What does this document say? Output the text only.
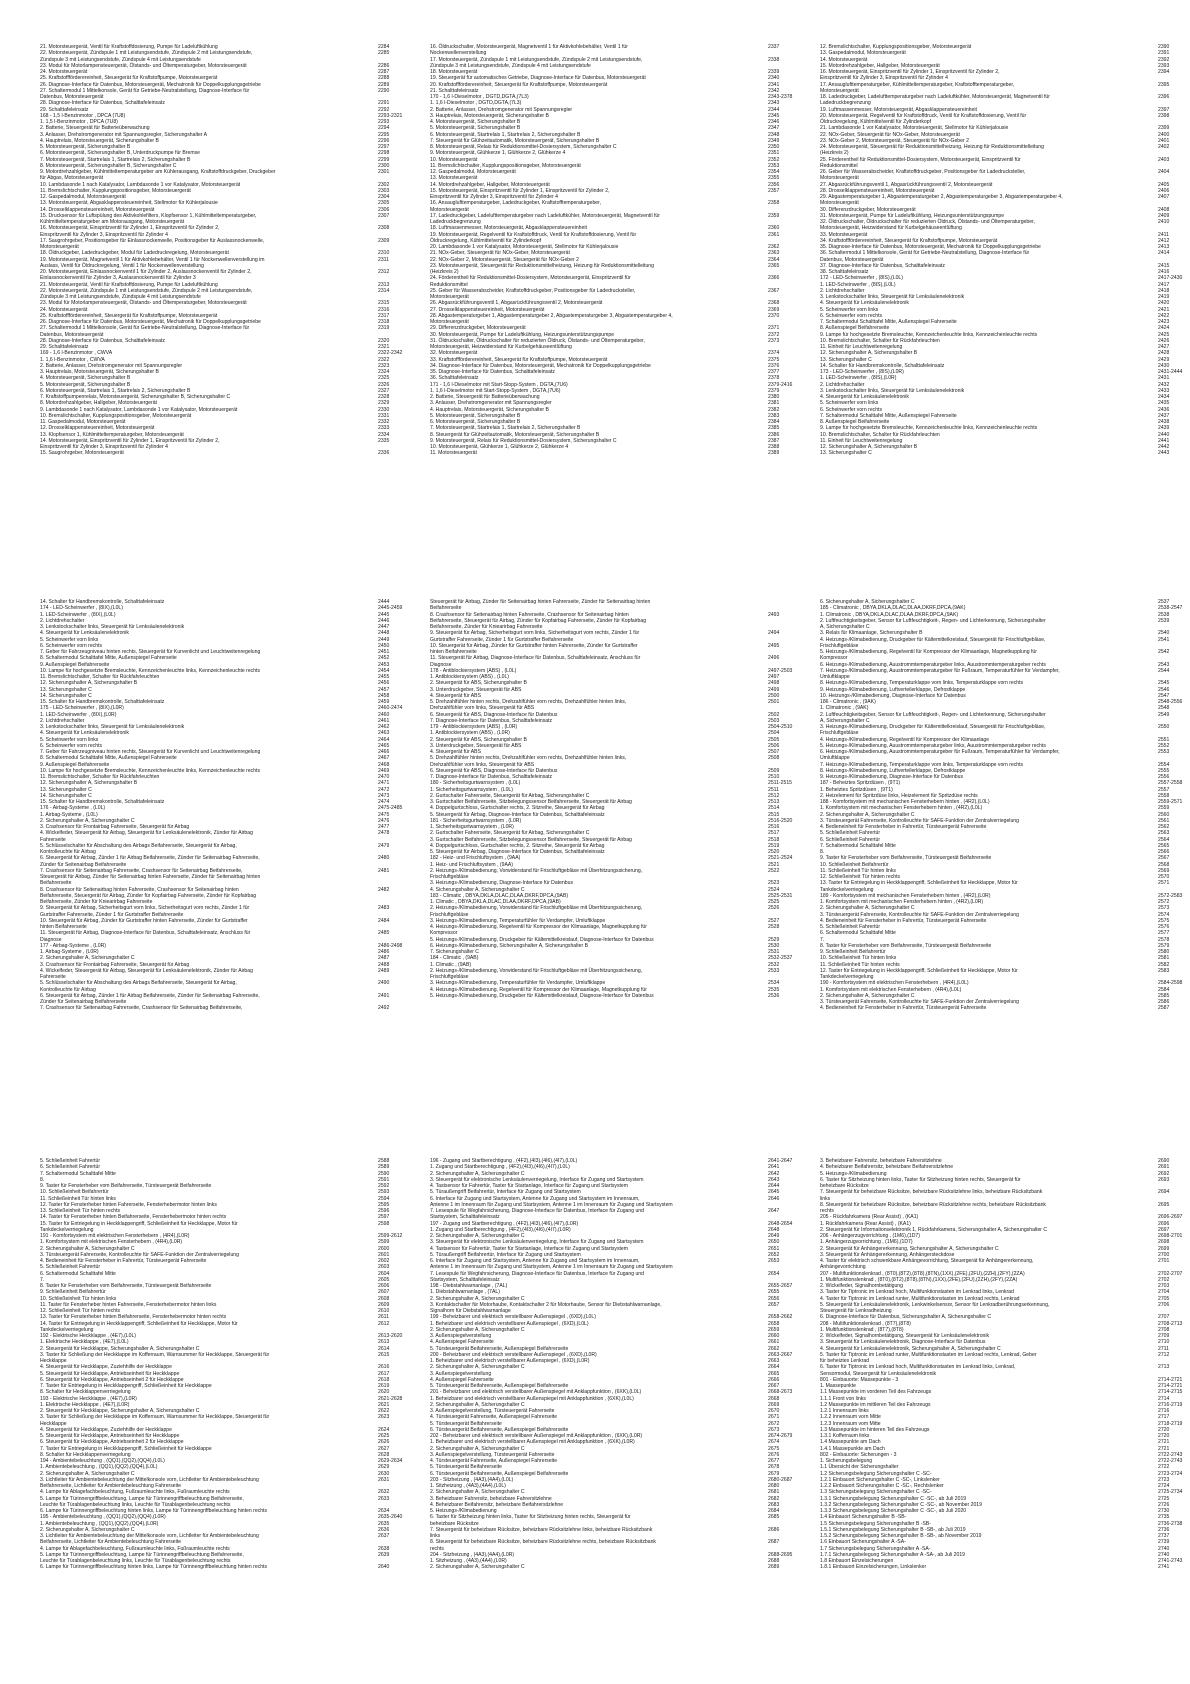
21. Motorsteuergerät, Ventil für Kraftstoffdosierung, Pumpe für Ladeluftkühlung	2284
22. Motorsteuergerät, Zündspule 1 mit Leistungsendstufe, Zündspule 2 mit Leistungsendstufe,	2285
Zündspule 3 mit Leistungsendstufe, Zündspule 4 mit Leistungsendstufe
23. Modul für Motorlampensteuergerät, Ölstands- und Öltemperaturgeber, Motorsteuergerät	2286
24. Motorsteuergerät	2287
25. Kraftstoffförderereinheit, Steuergerät für Kraftstoffpumpe, Motorsteuergerät	2288
26. Diagnose-Interface für Datenbus, Motorsteuergerät, Mechatronik für Doppelkupplungsgetriebe	2289
27. Schaltermodul 1 Mittelkonsole, Gerät für Getriebe-Neutralstellung, Diagnose-Interface für	2290
Datenbus, Motorsteuergerät
28. Diagnose-Interface für Datenbus, Schalttafeleinsatz	2291
29. Schalttafeleinsatz	2292
168 - 1,5 l-Benzinmotor , DPCA (7U8)	2293-2321
1. 1,5 l-Benzinmotor , DPCA (7U8)	2293
2. Batterie, Steuergerät für Batterieüberwachung	2294
3. Anlasser, Drehstromgenerator mit Spannungsregler, Sicherungshalter A	2295
4. Hauptrelais, Motorsteuergerät, Sicherungshalter B	2296
5. Motorsteuergerät, Sicherungshalter B	2297
6. Motorsteuergerät, Sicherungshalter B, Unterdruckpumpe für Bremse	2298
7. Motorsteuergerät, Startrelais 1, Startrelais 2, Sicherungshalter B	2299
8. Motorsteuergerät, Sicherungshalter B, Sicherungshalter C	2300
9. Motordrehzahlgeber, Kühlmitteltemperaturgeber am Kühlerausgang, Kraftstoffdruckgeber, Druckgeber	2301
für Abgas, Motorsteuergerät
10. Lambdasonde 1 nach Katalysator, Lambdasonde 1 vor Katalysator, Motorsteuergerät	2302
11. Bremslichtschalter, Kupplungspositionsgeber, Motorsteuergerät	2303
12. Gaspedalmodul, Motorsteuergerät	2304
13. Motorsteuergerät, Abgasklappensteuereinheit, Stellmotor für Kühlerjalousie	2305
14. Drosselklappensteuereinheit, Motorsteuergerät	2306
15. Drucksensor für Luftspülung des Aktivkohlefilters, Klopfsensor 1, Kühlmitteltemperaturgeber,	2307
Kühlmitteltemperaturgeber am Motorausgang, Motorsteuergerät
16. Motorsteuergerät, Einspritzventil für Zylinder 1, Einspritzventil für Zylinder 2,	2308
Einspritzventil für Zylinder 3, Einspritzventil für Zylinder 4
17. Saugrohrgeber, Positionsgeber für Einlassnockenwelle, Positionsgeber für Auslassnockenwelle,	2309
Motorsteuergerät
18. Öldruckgeber, Ladedruckgeber, Modul für Ladedruckregelung, Motorsteuergerät	2310
19. Motorsteuergerät, Magnetventil 1 für Aktivkohlebehälter, Ventil 1 für Nockenwellenverstellung im	2311
Auslass, Ventil für Öldruckregelung, Ventil 1 für Nockenwellenverstellung
20. Motorsteuergerät, Einlassnockenventil 1 für Zylinder 2, Auslassnockenventil für Zylinder 2,	2312
Einlassnockenventil für Zylinder 3, Auslassnockenventil für Zylinder 3
21. Motorsteuergerät, Ventil für Kraftstoffdosierung, Pumpe für Ladeluftkühlung	2313
22. Motorsteuergerät, Zündspule 1 mit Leistungsendstufe, Zündspule 2 mit Leistungsendstufe,	2314
Zündspule 3 mit Leistungsendstufe, Zündspule 4 mit Leistungsendstufe
23. Modul für Motorlampensteuergerät, Ölstands- und Öltemperaturgeber, Motorsteuergerät	2315
24. Motorsteuergerät	2316
25. Kraftstoffförderereinheit, Steuergerät für Kraftstoffpumpe, Motorsteuergerät	2317
26. Diagnose-Interface für Datenbus, Motorsteuergerät, Mechatronik für Doppelkupplungsgetriebe	2318
27. Schaltermodul 1 Mittelkonsole, Gerät für Getriebe-Neutralstellung, Diagnose-Interface für	2319
Datenbus, Motorsteuergerät
28. Diagnose-Interface für Datenbus, Schalttafeleinsatz	2320
29. Schalttafeleinsatz	2321
169 - 1,6 l-Benzinmotor , CWVA	2322-2342
1. 1,6 l-Benzinmotor , CWVA	2322
2. Batterie, Anlasser, Drehstromgenerator mit Spannungsregler	2323
3. Hauptrelais, Motorsteuergerät, Sicherungshalter B	2324
4. Motorsteuergerät, Sicherungshalter B	2325
5. Motorsteuergerät, Sicherungshalter B	2326
6. Motorsteuergerät, Startrelais 1, Startrelais 2, Sicherungshalter B	2327
7. Kraftstoffpumpenrelais, Motorsteuergerät, Sicherungshalter B, Sicherungshalter C	2328
8. Motordrehzahlgeber, Hallgeber, Motorsteuergerät	2329
9. Lambdasonde 1 nach Katalysator, Lambdasonde 1 vor Katalysator, Motorsteuergerät	2330
10. Bremslichtschalter, Kupplungspositionsgeber, Motorsteuergerät	2331
11. Gaspedalmodul, Motorsteuergerät	2332
12. Drosselklappensteuereinheit, Motorsteuergerät	2333
13. Klopfsensor 1, Kühlmitteltemperaturgeber, Motorsteuergerät	2334
14. Motorsteuergerät, Einspritzventil für Zylinder 1, Einspritzventil für Zylinder 2,	2335
Einspritzventil für Zylinder 3, Einspritzventil für Zylinder 4
15. Saugrohrgeber, Motorsteuergerät	2336
16. Öldruckschalter, Motorsteuergerät, Magnetventil 1 für Aktivkohlebehälter, Ventil 1 für	2337
Nockenwellenverstellung
17. Motorsteuergerät, Zündspule 1 mit Leistungsendstufe, Zündspule 2 mit Leistungsendstufe,	2338
Zündspule 3 mit Leistungsendstufe, Zündspule 4 mit Leistungsendstufe
18. Motorsteuergerät	2339
19. Steuergerät für automatisches Getriebe, Diagnose-Interface für Datenbus, Motorsteuergerät	2340
20. Kraftstoffförderereinheit, Steuergerät für Kraftstoffpumpe, Motorsteuergerät	2341
21. Schalttafeleinsatz	2342
170 - 1,6 l-Dieselmotor , DGTD,DGTA,(7L3)	2343-2378
1. 1,6 l-Dieselmotor , DGTD,DGTA,(7L3)	2343
2. Batterie, Anlasser, Drehstromgenerator mit Spannungsregler	2344
3. Hauptrelais, Motorsteuergerät, Sicherungshalter B	2345
4. Motorsteuergerät, Sicherungshalter B	2346
5. Motorsteuergerät, Sicherungshalter B	2347
6. Motorsteuergerät, Startrelais 1, Startrelais 2, Sicherungshalter B	2348
7. Steuergerät für Glühzeitautomatik, Motorsteuergerät, Sicherungshalter B	2349
8. Motorsteuergerät, Relais für Reduktionsmittel-Dosiersystem, Sicherungshalter C	2350
9. Motorsteuergerät, Glühkerze 1, Glühkerze 2, Glühkerze 4	2351
10. Motorsteuergerät	2352
11. Bremslichtschalter, Kupplungspositionsgeber, Motorsteuergerät	2353
12. Gaspedalmodul, Motorsteuergerät	2354
13. Motorsteuergerät	2355
14. Motordrehzahlgeber, Hallgeber, Motorsteuergerät	2356
15. Motorsteuergerät, Einspritzventil für Zylinder 1, Einspritzventil für Zylinder 2,	2357
Einspritzventil für Zylinder 3, Einspritzventil für Zylinder 4
16. Ansauglufttemperaturgeber, Ladedruckgeber, Kraftstofftemperaturgeber,	2358
Motorsteuergerät
17. Ladedruckgeber, Ladelufttemperaturgeber nach Ladeluftkühler, Motorsteuergerät, Magnetventil für	2359
Ladedruckbegrenzung
18. Luftmassenmesser, Motorsteuergerät, Abgasklappensteuereinheit	2360
19. Motorsteuergerät, Regelventil für Kraftstoffdruck, Ventil für Kraftstoffdosierung, Ventil für	2361
Öldruckregelung, Kühlmittelventil für Zylinderkopf
20. Lambdasonde 1 vor Katalysator, Motorsteuergerät, Stellmotor für Kühlerjalousie	2362
21. NOx-Geber, Steuergerät für NOx-Geber, Motorsteuergerät	2363
22. NOx-Geber 2, Motorsteuergerät, Steuergerät für NOx-Geber 2	2364
23. Motorsteuergerät, Steuergerät für Reduktionsmittelheizung, Heizung für Reduktionsmittelleitung	2365
(Heizkreis 2)
24. Förderentheil für Reduktionsmittel-Dosiersystem, Motorsteuergerät, Einspritzventil für	2366
Reduktionsmittel
25. Geber für Wasserabscheider, Kraftstoffdruckgeber, Positionsgeber für Ladedrucksteller,	2367
Motorsteuergerät
26. Abgasrückführungsventil 1, Abgasrückführungsventil 2, Motorsteuergerät	2368
27. Drosselklappensteuereinheit, Motorsteuergerät	2369
28. Abgastemperaturgeber 1, Abgastemperaturgeber 2, Abgastemperaturgeber 3, Abgastemperaturgeber 4,	2370
Motorsteuergerät
29. Differenzdruckgeber, Motorsteuergerät	2371
30. Motorsteuergerät, Pumpe für Ladeluftkühlung, Heizungsunterstützungspumpe	2372
31. Öldruckschalter, Öldruckschalter für reduzierten Öldruck, Ölstands- und Öltemperaturgeber,	2373
Motorsteuergerät, Heizwiderstand für Kurbelgehäuseentlüftung
32. Motorsteuergerät	2374
33. Kraftstoffförderereinheit, Steuergerät für Kraftstoffpumpe, Motorsteuergerät	2375
34. Diagnose-Interface für Datenbus, Motorsteuergerät, Mechatronik für Doppelkupplungsgetriebe	2376
35. Diagnose-Interface für Datenbus, Schalttafeleinsatz	2377
36. Schalttafeleinsatz	2378
171 - 1,6 l-Dieselmotor mit Start-Stopp-System , DGTA,(7U6)	2379-2416
1. 1,6 l-Dieselmotor mit Start-Stopp-System , DGTA,(7U6)	2379
2. Batterie, Steuergerät für Batterieüberwachung	2380
3. Anlasser, Drehstromgenerator mit Spannungsregler	2381
4. Hauptrelais, Motorsteuergerät, Sicherungshalter B	2382
5. Motorsteuergerät, Sicherungshalter B	2383
6. Motorsteuergerät, Sicherungshalter B	2384
7. Motorsteuergerät, Startrelais 1, Startrelais 2, Sicherungshalter B	2385
8. Steuergerät für Glühzeitautomatik, Motorsteuergerät, Sicherungshalter B	2386
9. Motorsteuergerät, Relais für Reduktionsmittel-Dosiersystem, Sicherungshalter C	2387
10. Motorsteuergerät, Glühkerze 1, Glühkerze 2, Glühkerze 4	2388
11. Motorsteuergerät	2389
12. Bremslichtschalter, Kupplungspositionsgeber, Motorsteuergerät	2390
13. Gaspedalmodul, Motorsteuergerät	2391
14. Motorsteuergerät	2392
15. Motordrehzahlgeber, Hallgeber, Motorsteuergerät	2393
16. Motorsteuergerät, Einspritzventil für Zylinder 1, Einspritzventil für Zylinder 2,	2394
Einspritzventil für Zylinder 3, Einspritzventil für Zylinder 4
17. Ansauglufttemperaturgeber, Kühlmitteltemperaturgeber, Kraftstofftemperaturgeber,	2395
Motorsteuergerät
18. Ladedruckgeber, Ladelufttemperaturgeber nach Ladeluftkühler, Motorsteuergerät, Magnetventil für	2396
Ladedruckbegrenzung
19. Luftmassenmesser, Motorsteuergerät, Abgasklappensteuereinheit	2397
20. Motorsteuergerät, Regelventil für Kraftstoffdruck, Ventil für Kraftstoffdosierung, Ventil für	2398
Öldruckregelung, Kühlmittelventil für Zylinderkopf
21. Lambdasonde 1 vor Katalysator, Motorsteuergerät, Stellmotor für Kühlerjalousie	2399
22. NOx-Geber, Steuergerät für NOx-Geber, Motorsteuergerät	2400
23. NOx-Geber 2, Motorsteuergerät, Steuergerät für NOx-Geber 2	2401
24. Motorsteuergerät, Steuergerät für Reduktionsmittelheizung, Heizung für Reduktionsmittelleitung	2402
(Heizkreis 2)
25. Förderentheil für Reduktionsmittel-Dosiersystem, Motorsteuergerät, Einspritzventil für	2403
Reduktionsmittel
26. Geber für Wasserabscheider, Kraftstoffdruckgeber, Positionsgeber für Ladedrucksteller,	2404
Motorsteuergerät
27. Abgasrückführungsventil 1, Abgasrückführungsventil 2, Motorsteuergerät	2405
28. Drosselklappensteuereinheit, Motorsteuergerät	2406
29. Abgastemperaturgeber 1, Abgastemperaturgeber 2, Abgastemperaturgeber 3, Abgastemperaturgeber 4,	2407
Motorsteuergerät
30. Differenzdruckgeber, Motorsteuergerät	2408
31. Motorsteuergerät, Pumpe für Ladeluftkühlung, Heizungsunterstützungspumpe	2409
32. Öldruckschalter, Öldruckschalter für reduzierten Öldruck, Ölstands- und Öltemperaturgeber,	2410
Motorsteuergerät, Heizwiderstand für Kurbelgehäuseentlüftung
33. Motorsteuergerät	2411
34. Kraftstoffförderereinheit, Steuergerät für Kraftstoffpumpe, Motorsteuergerät	2412
35. Diagnose-Interface für Datenbus, Motorsteuergerät, Mechatronik für Doppelkupplungsgetriebe	2413
36. Schaltermodul 1 Mittelkonsole, Gerät für Getriebe-Neutralstellung, Diagnose-Interface für	2414
Datenbus, Motorsteuergerät
37. Diagnose-Interface für Datenbus, Schalttafeleinsatz	2415
38. Schalttafeleinsatz	2416
172 - LED-Scheinwerfer , (8IS),(L0L)	2417-2430
1. LED-Scheinwerfer , (8IS),(L0L)	2417
2. Lichtdrehschalter	2418
3. Lenkstockschalter links, Steuergerät für Lenksäulenelektronik	2419
4. Steuergerät für Lenksäulenelektronik	2420
5. Scheinwerfer vorn links	2421
6. Scheinwerfer vorn rechts	2422
7. Schaltermodul Schalttafel Mitte, Außenspiegel Fahrerseite	2423
8. Außenspiegel Beifahrerseite	2424
9. Lampe für hochgesetzte Bremsleuchte, Kennzeichenleuchte links, Kennzeichenleuchte rechts	2425
10. Bremslichtschalter, Schalter für Rückfahrleuchten	2426
11. Einheit für Leuchtweitenregelung	2427
12. Sicherungshalter A, Sicherungshalter B	2428
13. Sicherungshalter C	2429
14. Schalter für Handbremskontrolle, Schalttafeleinsatz	2430
173 - LED-Scheinwerfer , (8IS),(L0R)	2431-2444
1. LED-Scheinwerfer , (8IS),(L0R)	2431
2. Lichtdrehschalter	2432
3. Lenkstockschalter links, Steuergerät für Lenksäulenelektronik	2433
4. Steuergerät für Lenksäulenelektronik	2434
5. Scheinwerfer vorn links	2435
6. Scheinwerfer vorn rechts	2436
7. Schaltermodul Schalttafel Mitte, Außenspiegel Fahrerseite	2437
8. Außenspiegel Beifahrerseite	2438
9. Lampe für hochgesetzte Bremsleuchte, Kennzeichenleuchte links, Kennzeichenleuchte rechts	2439
10. Bremslichtschalter, Schalter für Rückfahrleuchten	2440
11. Einheit für Leuchtweitenregelung	2441
12. Sicherungshalter A, Sicherungshalter B	2442
13. Sicherungshalter C	2443
14. Schalter für Handbremskontrolle, Schalttafeleinsatz	2444
174 - LED-Scheinwerfer , (8IX),(L0L)	2445-2459
1. LED-Scheinwerfer , (8IX),(L0L)	2445
2. Lichtdrehschalter	2446
3. Lenkstockschalter links, Steuergerät für Lenksäulenelektronik	2447
4. Steuergerät für Lenksäulenelektronik	2448
5. Scheinwerfer vorn links	2449
6. Scheinwerfer vorn rechts	2450
7. Geber für Fahrzeugniveau hinten rechts, Steuergerät für Kurvenlicht und Leuchtweitenregelung	2451
8. Schaltermodul Schalttafel Mitte, Außenspiegel Fahrerseite	2452
9. Außenspiegel Beifahrerseite	2453
10. Lampe für hochgesetzte Bremsleuchte, Kennzeichenleuchte links, Kennzeichenleuchte rechts	2454
11. Bremslichtschalter, Schalter für Rückfahrleuchten	2455
12. Sicherungshalter A, Sicherungshalter B	2456
13. Sicherungshalter C	2457
14. Sicherungshalter C	2458
15. Schalter für Handbremskontrolle, Schalttafeleinsatz	2459
175 - LED-Scheinwerfer , (8IX),(L0R)	2460-2474
1. LED-Scheinwerfer , (8IX),(L0R)	2460
2. Lichtdrehschalter	2461
3. Lenkstockschalter links, Steuergerät für Lenksäulenelektronik	2462
4. Steuergerät für Lenksäulenelektronik	2463
5. Scheinwerfer vorn links	2464
6. Scheinwerfer vorn rechts	2465
7. Geber für Fahrzeugniveau hinten rechts, Steuergerät für Kurvenlicht und Leuchtweitenregelung	2466
8. Schaltermodul Schalttafel Mitte, Außenspiegel Fahrerseite	2467
9. Außenspiegel Beifahrerseite	2468
10. Lampe für hochgesetzte Bremsleuchte, Kennzeichenleuchte links, Kennzeichenleuchte rechts	2469
11. Bremslichtschalter, Schalter für Rückfahrleuchten	2470
12. Sicherungshalter A, Sicherungshalter B	2471
13. Sicherungshalter C	2472
14. Sicherungshalter C	2473
15. Schalter für Handbremskontrolle, Schalttafeleinsatz	2474
176 - Airbag-Systeme , (L0L)	2475-2485
1. Airbag-Systeme , (L0L)	2475
2. Sicherungshalter A, Sicherungshalter C	2476
3. Crashsensor für Frontairbag Fahrerseite, Steuergerät für Airbag	2477
4. Wickelfeder, Steuergerät für Airbag, Steuergerät für Lenksäulenelektronik, Zünder für Airbag	2478
Fahrerseite
5. Schlüsselschalter für Abschaltung des Airbags Beifahrerseite, Steuergerät für Airbag,	2479
Kontrolleuchte für Airbag
6. Steuergerät für Airbag, Zünder 1 für Airbag Beifahrerseite, Zünder für Seitenairbag Fahrerseite,	2480
Zünder für Seitenairbag Beifahrerseite
7. Crashsensor für Seitenairbag Fahrerseite, Crashsensor für Seitenairbag Beifahrerseite,	2481
Steuergerät für Airbag, Zünder für Seitenairbag hinten Fahrerseite, Zünder für Seitenairbag hinten
Beifahrerseite
8. Crashsensor für Seitenairbag hinten Fahrerseite, Crashsensor für Seitenairbag hinten	2482
Beifahrerseite, Steuergerät für Airbag, Zünder für Kopfairbag Fahrerseite, Zünder für Kopfairbag
Beifahrerseite, Zünder für Kniearirbag Fahrerseite
9. Steuergerät für Airbag, Sicherheitsgurt vorn links, Sicherheitsgurt vorn rechts, Zünder 1 für	2483
Gurtstraffer Fahrerseite, Zünder 1 für Gurtstraffer Beifahrerseite
10. Steuergerät für Airbag, Zünder für Gurtstraffer hinten Fahrerseite, Zünder für Gurtstraffer	2484
hinten Beifahrerseite
11. Steuergerät für Airbag, Diagnose-Interface für Datenbus, Schalttafeleinsatz, Anschluss für	2485
Diagnose
177 - Airbag-Systeme , (L0R)	2486-2498
1. Airbag-Systeme , (L0R)	2486
2. Sicherungshalter A, Sicherungshalter C	2487
3. Crashsensor für Frontairbag Fahrerseite, Steuergerät für Airbag	2488
4. Wickelfeder, Steuergerät für Airbag, Steuergerät für Lenksäulenelektronik, Zünder für Airbag	2489
Fahrerseite
5. Schlüsselschalter für Abschaltung des Airbags Beifahrerseite, Steuergerät für Airbag,	2490
Kontrolleuchte für Airbag
6. Steuergerät für Airbag, Zünder 1 für Airbag Beifahrerseite, Zünder für Seitenairbag Fahrerseite,	2491
Zünder für Seitenairbag Beifahrerseite
7. Crashsensor für Seitenairbag Fahrerseite, Crashsensor für Seitenairbag Beifahrerseite,	2492
Steuergerät für Airbag, Zünder für Seitenairbag hinten Fahrerseite, Zünder für Seitenairbag hinten
Beifahrerseite
8. Crashsensor für Seitenairbag hinten Fahrerseite, Crashsensor für Seitenairbag hinten	2493
Beifahrerseite, Steuergerät für Airbag, Zünder für Kopfairbag Fahrerseite, Zünder für Kopfairbag
Beifahrerseite, Zünder für Kniearirbag Fahrerseite
9. Steuergerät für Airbag, Sicherheitsgurt vorn links, Sicherheitsgurt vorn rechts, Zünder 1 für	2494
Gurtstraffer Fahrerseite, Zünder 1 für Gurtstraffer Beifahrerseite
10. Steuergerät für Airbag, Zünder für Gurtstraffer hinten Fahrerseite, Zünder für Gurtstraffer	2495
hinten Beifahrerseite
11. Steuergerät für Airbag, Diagnose-Interface für Datenbus, Schalttafeleinsatz, Anschluss für	2496
Diagnose
178 - Antiblockiersystem (ABS) , (L0L)	2497-2503
1. Antiblockiersystem (ABS) , (L0L)	2497
2. Steuergerät für ABS, Sicherungshalter B	2498
3. Unterdruckgeber, Steuergerät für ABS	2499
4. Steuergerät für ABS	2500
5. Drehzahlfühler hinten rechts, Drehzahlfühler vorn rechts, Drehzahlfühler hinten links,	2501
Drehzahlfühler vorn links, Steuergerät für ABS
6. Steuergerät für ABS, Diagnose-Interface für Datenbus	2502
7. Diagnose-Interface für Datenbus, Schalttafeleinsatz	2503
179 - Antiblockiersystem (ABS) , (L0R)	2504-2510
1. Antiblockiersystem (ABS) , (L0R)	2504
2. Steuergerät für ABS, Sicherungshalter B	2505
3. Unterdruckgeber, Steuergerät für ABS	2506
4. Steuergerät für ABS	2507
5. Drehzahlfühler hinten rechts, Drehzahlfühler vorn rechts, Drehzahlfühler hinten links,	2508
Drehzahlfühler vorn links, Steuergerät für ABS
6. Steuergerät für ABS, Diagnose-Interface für Datenbus	2509
7. Diagnose-Interface für Datenbus, Schalttafeleinsatz	2510
180 - Sicherheitsgurtwarnsystem , (L0L)	2511-2515
1. Sicherheitsgurtwarnsystem , (L0L)	2511
2. Gurtschalter Fahrerseite, Steuergerät für Airbag, Sicherungshalter C	2512
3. Gurtschalter Beifahrerseite, Sitzbelegungssensor Beifahrerseite, Steuergerät für Airbag	2513
4. Doppelgurtschloss, Gurtschalter rechts, 2. Sitzreihe, Steuergerät für Airbag	2514
5. Steuergerät für Airbag, Diagnose-Interface für Datenbus, Schalttafeleinsatz	2515
181 - Sicherheitsgurtwarnsystem , (L0R)	2516-2520
1. Sicherheitsgurtwarnsystem , (L0R)	2516
2. Gurtschalter Fahrerseite, Steuergerät für Airbag, Sicherungshalter C	2517
3. Gurtschalter Beifahrerseite, Sitzbelegungssensor Beifahrerseite, Steuergerät für Airbag	2518
4. Doppelgurtschloss, Gurtschalter rechts, 2. Sitzreihe, Steuergerät für Airbag	2519
5. Steuergerät für Airbag, Diagnose-Interface für Datenbus, Schalttafeleinsatz	2520
182 - Heiz- und Frischluftsystem , (9AA)	2521-2524
1. Heiz- und Frischluftsystem , (9AA)	2521
2. Heizungs-/Klimabedienung, Vorwiderstand für Frischluftgebläse mit Überhitzungssicherung,	2522
Frischluftgebläse
3. Heizungs-/Klimabedienung, Diagnose-Interface für Datenbus	2523
4. Sicherungshalter A, Sicherungshalter C	2524
183 - Climatic , DBYA,DKLA,DLAC,DLAA,DKRF,DPCA,(9AB)	2525-2531
1. Climatic , DBYA,DKLA,DLAC,DLAA,DKRF,DPCA,(9AB)	2525
2. Heizungs-/Klimabedienung, Vorwiderstand für Frischluftgebläse mit Überhitzungssicherung,	2526
Frischluftgebläse
3. Heizungs-/Klimabedienung, Temperaturfühler für Verdampfer, Umluftklappe	2527
4. Heizungs-/Klimabedienung, Regelventil für Kompressor der Klimaanlage, Magnetkupplung für	2528
Kompressor
5. Heizungs-/Klimabedienung, Druckgeber für Kältemittelkreislauf, Diagnose-Interface für Datenbus	2529
6. Heizungs-/Klimabedienung, Sicherungshalter A, Sicherungshalter B	2530
7. Sicherungshalter C	2531
184 - Climatic , (9AB)	2532-2537
1. Climatic , (9AB)	2532
2. Heizungs-/Klimabedienung, Vorwiderstand für Frischluftgebläse mit Überhitzungssicherung,	2533
Frischluftgebläse
3. Heizungs-/Klimabedienung, Temperaturfühler für Verdampfer, Umluftklappe	2534
4. Heizungs-/Klimabedienung, Regelventil für Kompressor der Klimaanlage, Magnetkupplung für	2535
5. Heizungs-/Klimabedienung, Druckgeber für Kältemittelkreislauf, Diagnose-Interface für Datenbus	2536
6. Sicherungshalter A, Sicherungshalter C	2537
185 - Climatronic , DBYA,DKLA,DLAC,DLAA,DKRF,DPCA,(9AK)	2538-2547
1. Climatronic , DBYA,DKLA,DLAC,DLAA,DKRF,DPCA,(9AK)	2538
2. Luftfeuchtigkeitsgeber, Sensor für Luftfeuchtigkeit-, Regen- und Lichterkennung, Sicherungshalter	2539
A, Sicherungshalter C
3. Relais für Klimaanlage, Sicherungshalter B	2540
4. Heizungs-/Klimabedienung, Druckgeber für Kältemittelkreislauf, Steuergerät für Frischluftgebläse,	2541
Frischluftgebläse
5. Heizungs-/Klimabedienung, Regelventil für Kompressor der Klimaanlage, Magnetkupplung für	2542
Kompressor
6. Heizungs-/Klimabedienung, Auustrommtemperaturgeber links, Auustrommtemperaturgeber rechts	2543
7. Heizungs-/Klimabedienung, Auustrommtemperaturgeber für Fußraum, Temperaturfühler für Verdampfer,	2544
Umluftklappe
8. Heizungs-/Klimabedienung, Temperaturklappe vorn links, Temperaturklappe vorn rechts	2545
9. Heizungs-/Klimabedienung, Luftverteilerklappe, Defrostklappe	2546
10. Heizungs-/Klimabedienung, Diagnose-Interface für Datenbus	2547
186 - Climatronic , (9AK)	2548-2556
1. Climatronic , (9AK)	2548
2. Luftfeuchtigkeitsgeber, Sensor für Luftfeuchtigkeit-, Regen- und Lichterkennung, Sicherungshalter	2549
A, Sicherungshalter C
3. Heizungs-/Klimabedienung, Druckgeber für Kältemittelkreislauf, Steuergerät für Frischluftgebläse,	2550
Frischluftgebläse
4. Heizungs-/Klimabedienung, Regelventil für Kompressor der Klimaanlage	2551
5. Heizungs-/Klimabedienung, Auustrommtemperaturgeber links, Auustrommtemperaturgeber rechts	2552
6. Heizungs-/Klimabedienung, Auustrommtemperaturgeber für Fußraum, Temperaturfühler für Verdampfer,	2553
Umluftklappe
7. Heizungs-/Klimabedienung, Temperaturklappe vorn links, Temperaturklappe vorn rechts	2554
8. Heizungs-/Klimabedienung, Luftverteilerklappe, Defrostklappe	2555
9. Heizungs-/Klimabedienung, Diagnose-Interface für Datenbus	2556
187 - Beheiztes Spritzdüsen , (9T1)	2557-2558
1. Beheiztes Spritzdüsen , (9T1)	2557
2. Heizelement für Spritzdüse links, Heizelement für Spritzdüse rechts	2558
188 - Komfortsystem mit mechanischen Fensterhebern hinten , (4R2),(L0L)	2559-2571
1. Komfortsystem mit mechanischen Fensterhebern hinten , (4R2),(L0L)	2559
2. Sicherungshalter A, Sicherungshalter C	2560
3. Türsteuergerät Fahrerseite, Kontrolleuchte für SAFE-Funktion der Zentralverriegelung	2561
4. Bedieneinheit für Fensterheber in Fahrertür, Türsteuergerät Fahrerseite	2562
5. Schließeinheit Fahrertür	2563
6. Schließeinheit Fahrertür	2564
7. Schaltermodul Schalttafel Mitte	2565
8.	2566
9. Taster für Fensterheber vom Beifahrerseite, Türsteuergerät Beifahrerseite	2567
10. Schließeinheit Beifahrertür	2568
11. Schließeinheit Tür hinten links	2569
12. Schließeinheit Tür hinten rechts	2570
13. Taster für Entriegelung in Heckklappengriff, Schließeinheit für Heckklappe, Motor für	2571
Tankdeckelverriegelung
189 - Komfortsystem mit mechanischen Fensterhebern hinten , (4R2),(L0R)	2572-2583
1. Komfortsystem mit mechanischen Fensterhebern hinten , (4R2),(L0R)	2572
2. Sicherungshalter A, Sicherungshalter C	2573
3. Türsteuergerät Fahrerseite, Kontrolleuchte für SAFE-Funktion der Zentralverriegelung	2574
4. Bedieneinheit für Fensterheber in Fahrertür, Türsteuergerät Fahrerseite	2575
5. Schließeinheit Fahrertür	2576
6. Schaltermodul Schalttafel Mitte	2577
7.	2578
8. Taster für Fensterheber vom Beifahrerseite, Türsteuergerät Beifahrerseite	2579
9. Schließeinheit Beifahrertür	2580
10. Schließeinheit Tür hinten links	2581
11. Schließeinheit Tür hinten rechts	2582
12. Taster für Entriegelung in Heckklappengriff, Schließeinheit für Heckklappe, Motor für	2583
Tankdeckelverriegelung
190 - Komfortsystem mit elektrischen Fensterhebern , (4R4),(L0L)	2584-2598
1. Komfortsystem mit elektrischen Fensterhebern , (4R4),(L0L)	2584
2. Sicherungshalter A, Sicherungshalter C	2585
3. Türsteuergerät Fahrerseite, Kontrolleuchte für SAFE-Funktion der Zentralverriegelung	2586
4. Bedieneinheit für Fensterheber in Fahrertür, Türsteuergerät Fahrerseite	2587
5. Schließeinheit Fahrertür	2588
6. Schließeinheit Fahrertür	2589
7. Schaltermodul Schalttafel Mitte	2590
8.	2591
9. Taster für Fensterheber vom Beifahrerseite, Türsteuergerät Beifahrerseite	2592
10. Schließeinheit Beifahrertür	2593
11. Schließeinheit Tür hinten links	2594
12. Taster für Fensterheber hinten Fahrerseite, Fensterhebermotor hinten links	2595
13. Schließeinheit Tür hinten rechts	2596
14. Taster für Fensterheber hinten Beifahrerseite, Fensterhebermotor hinten rechts	2597
15. Taster für Entriegelung in Heckklappengriff, Schließeinheit für Heckklappe, Motor für	2598
Tankdeckelverriegelung
191 - Komfortsystem mit elektrischen Fensterhebern , (4R4),(L0R)	2599-2612
1. Komfortsystem mit elektrischen Fensterhebern , (4R4),(L0R)	2599
2. Sicherungshalter A, Sicherungshalter C	2600
3. Türsteuergerät Fahrerseite, Kontrolleuchte für SAFE-Funktion der Zentralverriegelung	2601
4. Bedieneinheit für Fensterheber in Fahrertür, Türsteuergerät Fahrerseite	2602
5. Schließeinheit Fahrertür	2603
6. Schaltermodul Schalttafel Mitte	2604
7.	2605
8. Taster für Fensterheber vom Beifahrerseite, Türsteuergerät Beifahrerseite	2606
9. Schließeinheit Beifahrertür	2607
10. Schließeinheit Tür hinten links	2608
11. Taster für Fensterheber hinten Fahrerseite, Fensterhebermotor hinten links	2609
12. Schließeinheit Tür hinten rechts	2610
13. Taster für Fensterheber hinten Beifahrerseite, Fensterhebermotor hinten rechts	2611
14. Taster für Entriegelung in Heckklappengriff, Schließeinheit für Heckklappe, Motor für	2612
Tankdeckelverriegelung
192 - Elektrische Heckklappe , (4E7),(L0L)	2613-2620
1. Elektrische Heckklappe , (4E7),(L0L)	2613
2. Steuergerät für Heckklappe, Sicherungshalter A, Sicherungshalter C	2614
3. Taster für Schließung der Heckklappe im Kofferraum, Warnsummer für Heckklappe, Steuergerät für	2615
Heckklappe
4. Steuergerät für Heckklappe, Zuziehhilfe der Heckklappe	2616
5. Steuergerät für Heckklappe, Antriebseinheit für Heckklappe	2617
6. Steuergerät für Heckklappe, Antriebseinheit 2 für Heckklappe	2618
7. Taster für Entriegelung in Heckklappengriff, Schließeinheit für Heckklappe	2619
8. Schalter für Heckklappenverriegelung	2620
193 - Elektrische Heckklappe , (4E7),(L0R)	2621-2628
1. Elektrische Heckklappe , (4E7),(L0R)	2621
2. Steuergerät für Heckklappe, Sicherungshalter A, Sicherungshalter C	2622
3. Taster für Schließung der Heckklappe im Kofferraum, Warnsummer für Heckklappe, Steuergerät für	2623
Heckklappe
4. Steuergerät für Heckklappe, Zuziehhilfe der Heckklappe	2624
5. Steuergerät für Heckklappe, Antriebseinheit für Heckklappe	2625
6. Steuergerät für Heckklappe, Antriebseinheit 2 für Heckklappe	2626
7. Taster für Entriegelung in Heckklappengriff, Schließeinheit für Heckklappe	2627
8. Schalter für Heckklappenverriegelung	2628
194 - Ambientebeleuchtung , (QQ1),(QQ2),(QQ4),(L0L)	2629-2634
1. Ambientebeleuchtung , (QQ1),(QQ2),(QQ4),(L0L)	2629
2. Sicherungshalter A, Sicherungshalter C	2630
3. Lichtleiter für Ambientebeleuchtung der Mittelkonsole vorn, Lichtleiter für Ambientebeleuchtung	2631
Beifahrerseite, Lichtleiter für Ambientebeleuchtung Fahrerseite
4. Lampe für Ablagefachbeleuchtung, Fußraumleuchte links, Fußraumleuchte rechts	2632
5. Lampe für Türinnengriffbeleuchtung, Lampe für Türinnengriffbeleuchtung Beifahrerseite,	2633
Leuchte für Türablagenbeleuchtung links, Leuchte für Türablagenbeleuchtung rechts
6. Lampe für Türinnengriffbeleuchtung hinten links, Lampe für Türinnengriffbeleuchtung hinten rechts	2634
195 - Ambientebeleuchtung , (QQ1),(QQ2),(QQ4),(L0R)	2635-2640
1. Ambientebeleuchtung , (QQ1),(QQ2),(QQ4),(L0R)	2635
2. Sicherungshalter A, Sicherungshalter C	2636
3. Lichtleiter für Ambientebeleuchtung der Mittelkonsole vorn, Lichtleiter für Ambientebeleuchtung	2637
Beifahrerseite, Lichtleiter für Ambientebeleuchtung Fahrerseite
4. Lampe für Ablagefachbeleuchtung, Fußraumleuchte links, Fußraumleuchte rechts	2638
5. Lampe für Türinnengriffbeleuchtung, Lampe für Türinnengriffbeleuchtung Beifahrerseite,	2639
Leuchte für Türablagenbeleuchtung links, Leuchte für Türablagenbeleuchtung rechts
6. Lampe für Türinnengriffbeleuchtung hinten links, Lampe für Türinnengriffbeleuchtung hinten rechts	2640
196 - Zugang und Startberechtigung , (4F2),(4I3),(4I6),(4I7),(L0L)	2641-2647
1. Zugang und Startberechtigung , (4F2),(4I3),(4I6),(4I7),(L0L)	2641
2. Sicherungshalter A, Sicherungshalter C	2642
3. Steuergerät für elektronische Lenksäulenverriegelung, Interface für Zugang und Startsystem	2643
4. Tastsensor für Fahrertür, Taster für Startanlage, Interface für Zugang und Startsystem	2644
5. Türaußengriff Beifahrertür, Interface für Zugang und Startsystem	2645
6. Interface für Zugang und Startsystem, Antenne für Zugang und Startsystem im Innenraum,	2646
Antenne 1 im Innenraum für Zugang und Startsystem, Antenne 1 im Innenraum für Zugang und Startsystem
7. Lesespule für Wegfahrsicherung, Diagnose-Interface für Datenbus, Interface für Zugang und	2647
Startsystem, Schalttafeleinsatz
197 - Zugang und Startberechtigung , (4F2),(4I3),(4I6),(4I7),(L0R)	2648-2654
1. Zugang und Startberechtigung , (4F2),(4I3),(4I6),(4I7),(L0R)	2648
2. Sicherungshalter A, Sicherungshalter C	2649
3. Steuergerät für elektronische Lenksäulenverriegelung, Interface für Zugang und Startsystem	2650
4. Tastsensor für Fahrertür, Taster für Startanlage, Interface für Zugang und Startsystem	2651
5. Türaußengriff Beifahrertür, Interface für Zugang und Startsystem	2652
6. Interface für Zugang und Startsystem, Antenne für Zugang und Startsystem im Innenraum,	2653
Antenne 1 im Innenraum für Zugang und Startsystem, Antenne 1 im Innenraum für Zugang und Startsystem
7. Lesespule für Wegfahrsicherung, Diagnose-Interface für Datenbus, Interface für Zugang und	2654
Startsystem, Schalttafeleinsatz
198 - Diebstahlwarnanlage , (7AL)	2655-2657
1. Diebstahlwarnanlage , (7AL)	2655
2. Sicherungshalter A, Sicherungshalter C	2656
3. Kontaktschalter für Motorhaube, Kontaktschalter 2 für Motorhaube, Sensor für Diebstahlwarnanlage,	2657
Signalhorn für Diebstahlwarnanlage
199 - Beheizbarer und elektrisch verstellbarer Außenspiegel , (6XD),(L0L)	2658-2662
1. Beheizbarer und elektrisch verstellbarer Außenspiegel , (6XD),(L0L)	2658
2. Sicherungshalter A, Sicherungshalter C	2659
3. Außenspiegelverstellung	2660
4. Außenspiegel Fahrerseite	2661
5. Türsteuergerät Beifahrerseite, Außenspiegel Beifahrerseite	2662
200 - Beheizbarer und elektrisch verstellbarer Außenspiegel , (6XD),(L0R)	2663-2667
1. Beheizbarer und elektrisch verstellbarer Außenspiegel , (6XD),(L0R)	2663
2. Sicherungshalter A, Sicherungshalter C	2664
3. Außenspiegelverstellung	2665
4. Außenspiegel Fahrerseite	2666
5. Türsteuergerät Beifahrerseite, Außenspiegel Beifahrerseite	2667
201 - Beheizbarer und elektrisch verstellbarer Außenspiegel mit Anklappfunktion , (6XK),(L0L)	2668-2673
1. Beheizbarer und elektrisch verstellbarer Außenspiegel mit Anklappfunktion , (6XK),(L0L)	2668
2. Sicherungshalter A, Sicherungshalter C	2669
3. Außenspiegelverstellung, Türsteuergerät Fahrerseite	2670
4. Türsteuergerät Fahrerseite, Außenspiegel Fahrerseite	2671
5. Türsteuergerät Beifahrerseite	2672
6. Türsteuergerät Beifahrerseite, Außenspiegel Beifahrerseite	2673
202 - Beheizbarer und elektrisch verstellbarer Außenspiegel mit Anklappfunktion , (6XK),(L0R)	2674-2679
1. Beheizbarer und elektrisch verstellbarer Außenspiegel mit Anklappfunktion , (6XK),(L0R)	2674
2. Sicherungshalter A, Sicherungshalter C	2675
3. Außenspiegelverstellung, Türsteuergerät Fahrerseite	2676
4. Türsteuergerät Fahrerseite, Außenspiegel Fahrerseite	2677
5. Türsteuergerät Beifahrerseite	2678
6. Türsteuergerät Beifahrerseite, Außenspiegel Beifahrerseite	2679
203 - Sitzheizung , (4A3),(4A4),(L0L)	2680-2687
1. Sitzheizung , (4A3),(4A4),(L0L)	2680
2. Sicherungshalter A, Sicherungshalter C	2681
3. Beheizbarer Fahrersitz, beheizbare Fahrersitzlehne	2682
4. Beheizbarer Beifahrersitz, beheizbare Beifahrersitzlehne	2683
5. Heizungs-/Klimabedienung	2684
6. Taster für Sitzheizung hinten links, Taster für Sitzheizung hinten rechts, Steuergerät für	2685
beheizbare Rücksitze
7. Steuergerät für beheizbare Rücksitze, beheizbare Rücksitzlehne links, beheizbare Rücksitzbank	2686
links
8. Steuergerät für beheizbare Rücksitze, beheizbare Rücksitzlehne rechts, beheizbare Rücksitzbank	2687
rechts
204 - Sitzheizung , (4A3),(4A4),(L0R)	2688-2695
1. Sitzheizung , (4A3),(4A4),(L0R)	2688
2. Sicherungshalter A, Sicherungshalter C	2689
3. Beheizbarer Fahrersitz, beheizbare Fahrersitzlehne	2690
4. Beheizbarer Beifahrersitz, beheizbare Beifahrersitzlehne	2691
5. Heizungs-/Klimabedienung	2692
6. Taster für Sitzheizung hinten links, Taster für Sitzheizung hinten rechts, Steuergerät für	2693
beheizbare Rücksitze
7. Steuergerät für beheizbare Rücksitze, beheizbare Rücksitzlehne links, beheizbare Rücksitzbank	2694
links
8. Steuergerät für beheizbare Rücksitze, beheizbare Rücksitzlehne rechts, beheizbare Rücksitzbank	2695
rechts
205 - Rückfahrkamera (Rear Assist) , (KA1)	2696-2697
1. Rückfahrkamera (Rear Assist) , (KA1)	2696
2. Steuergerät für Informationselektronik 1, Rückfahrkamera, Sicherungshalter A, Sicherungshalter C	2697
206 - Anhängerzugvorrichtung , (1M6),(1D7)	2698-2701
1. Anhängerzugvorrichtung , (1M6),(1D7)	2698
2. Steuergerät für Anhängererkennung, Sicherungshalter A, Sicherungshalter C	2699
3. Steuergerät für Anhängererkennung, Anhängersteckdose	2700
4. Taster für elektrisch schwenkbare Anhängevorrichtung, Steuergerät für Anhängererkennung,	2701
Anhängevorrichtung
207 - Multifunktionslenkrad , (8T0),(8T2),(8T8),(8TN),(1XX),(2FE),(2FU),(2ZH),(2FY),(2ZA)	2702-2707
1. Multifunktionslenkrad , (8T0),(8T2),(8T8),(8TN),(1XX),(2FE),(2FU),(2ZH),(2FY),(2ZA)	2702
2. Wickelfeder, Signalhornbetätigung	2703
3. Taster für Tiptronic im Lenkrad hoch, Multifunktionstasten im Lenkrad links, Lenkrad	2704
4. Taster für Tiptronic im Lenkrad runter, Multifunktionstasten im Lenkrad rechts, Lenkrad	2705
5. Steuergerät für Lenksäulenelektronik, Lenkwinkelsensor, Sensor für Lenkradberührungserkennung,	2706
Steuergerät für Lenkradheizung
6. Diagnose-Interface für Datenbus, Sicherungshalter A, Sicherungshalter C	2707
208 - Multifunktionslenkrad , (8T7),(8T8)	2708-2713
1. Multifunktionslenkrad , (8T7),(8T8)	2708
2. Wickelfeder, Signalhornbetätigung, Steuergerät für Lenksäulenelektronik	2709
3. Steuergerät für Lenksäulenelektronik, Diagnose-Interface für Datenbus	2710
4. Steuergerät für Lenksäulenelektronik, Sicherungshalter A, Sicherungshalter C	2711
5. Taster für Tiptronic im Lenkrad runter, Multifunktionstasten im Lenkrad rechts, Lenkrad, Geber	2712
für beheiztes Lenkrad
6. Taster für Tiptronic im Lenkrad hoch, Multifunktionstasten im Lenkrad links, Lenkrad,	2713
Sensormodul, Steuergerät für Lenksäulenelektronik
801 - Einbauorte: Massepunkte - 3	2714-2721
1. Massepunkte	2714-2721
1.1 Massepunkte im vorderen Teil des Fahrzeugs	2714-2715
1.1.1 Front von links	2714
1.2 Massepunkte im mittleren Teil des Fahrzeugs	2716-2719
1.2.1 Innenraum links	2716
1.2.2 Innenraum vorn Mitte	2717
1.2.3 Innenraum vom Mitte	2718-2719
1.3 Massepunkte im hinteren Teil des Fahrzeugs	2720
1.3.1 Kofferraum links	2720
1.4 Massepunkte am Dach	2721
1.4.1 Massepunkte am Dach	2721
802 - Einbauorte: Sicherungen - 3	2722-2743
1. Sicherungsbelegung	2722-2743
1.1 Übersicht der Sicherungshalter	2722
1.2 Sicherungsbelegung Sicherungshalter C -SC-	2723-2724
1.2.1 Einbauort Sicherungshalter C -SC-, Linkslenker	2723
1.2.2 Einbauort Sicherungshalter C -SC-, Rechtslenker	2724
1.3 Sicherungsbelegung Sicherungshalter C -SC-	2725-2734
1.3.1 Sicherungsbelegung Sicherungshalter C -SC-, ab Juli 2019	2725
1.3.2 Sicherungsbelegung Sicherungshalter C -SC-, ab November 2019	2726
1.3.3 Sicherungsbelegung Sicherungshalter C -SC-, ab Juli 2020	2730
1.4 Einbauort Sicherungshalter B -SB-	2735
1.5 Sicherungsbelegung Sicherungshalter B -SB-	2736-2738
1.5.1 Sicherungsbelegung Sicherungshalter B -SB-, ab Juli 2019	2736
1.5.2 Sicherungsbelegung Sicherungshalter B -SB-, ab November 2019	2737
1.6 Einbauort Sicherungshalter A -SA-	2739
1.7 Sicherungsbelegung Sicherungshalter A -SA-	2740
1.7.1 Sicherungsbelegung Sicherungshalter A -SA-, ab Juli 2019	2740
1.8 Einbauort Einzelsicherungen	2741-2743
1.8.1 Einbauort Einzelsicherungen, Linkslenker	2741
